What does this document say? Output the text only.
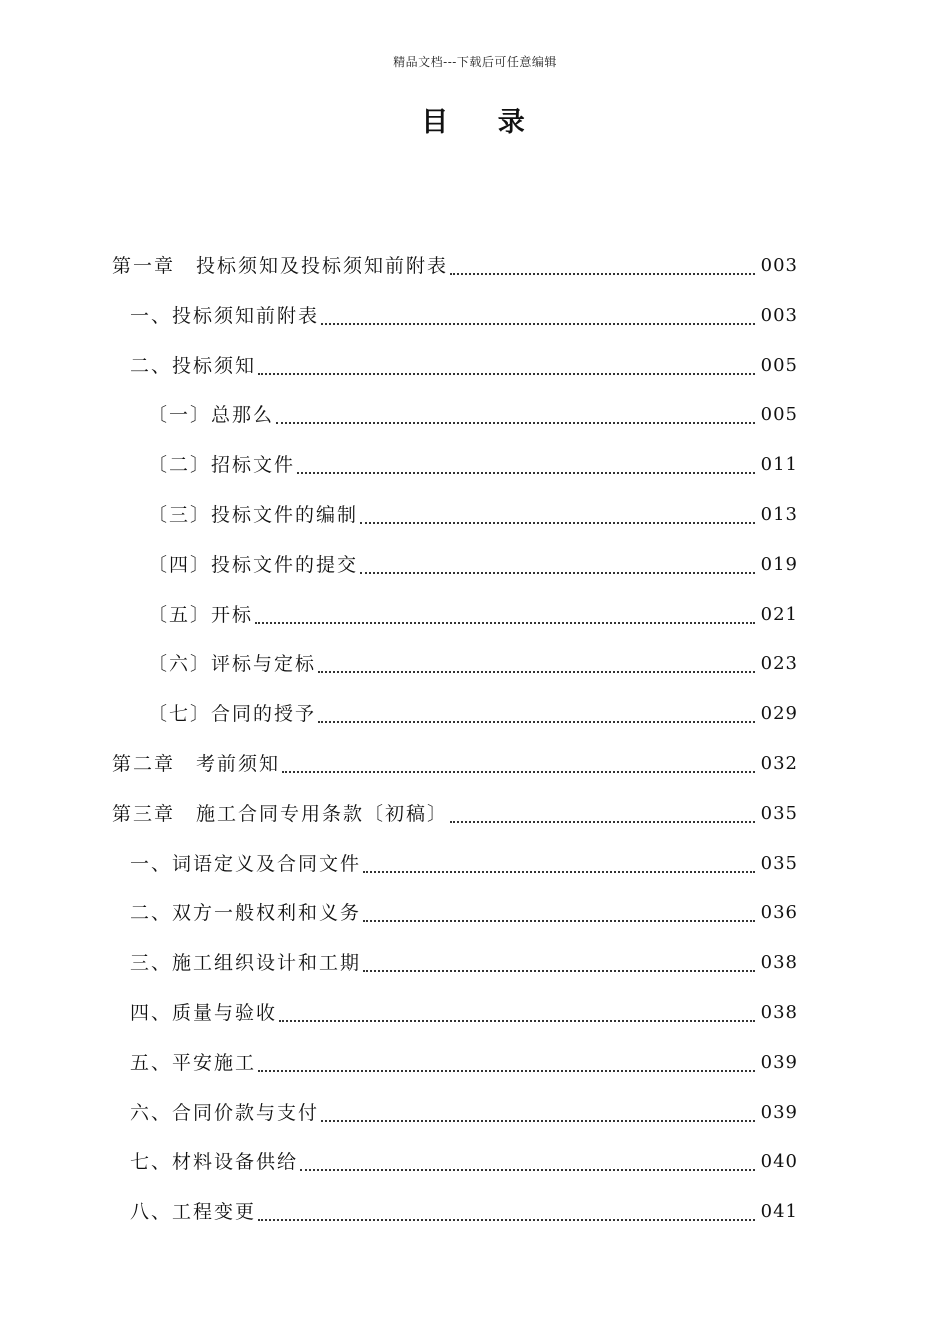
精品文档---下载后可任意编辑
目 录
第一章　投标须知及投标须知前附表	003
一、投标须知前附表	003
二、投标须知	005
〔一〕总那么	005
〔二〕招标文件	011
〔三〕投标文件的编制	013
〔四〕投标文件的提交	019
〔五〕开标	021
〔六〕评标与定标	023
〔七〕合同的授予	029
第二章　考前须知	032
第三章　施工合同专用条款〔初稿〕	035
一、词语定义及合同文件	035
二、双方一般权利和义务	036
三、施工组织设计和工期	038
四、质量与验收	038
五、平安施工	039
六、合同价款与支付	039
七、材料设备供给	040
八、工程变更	041
